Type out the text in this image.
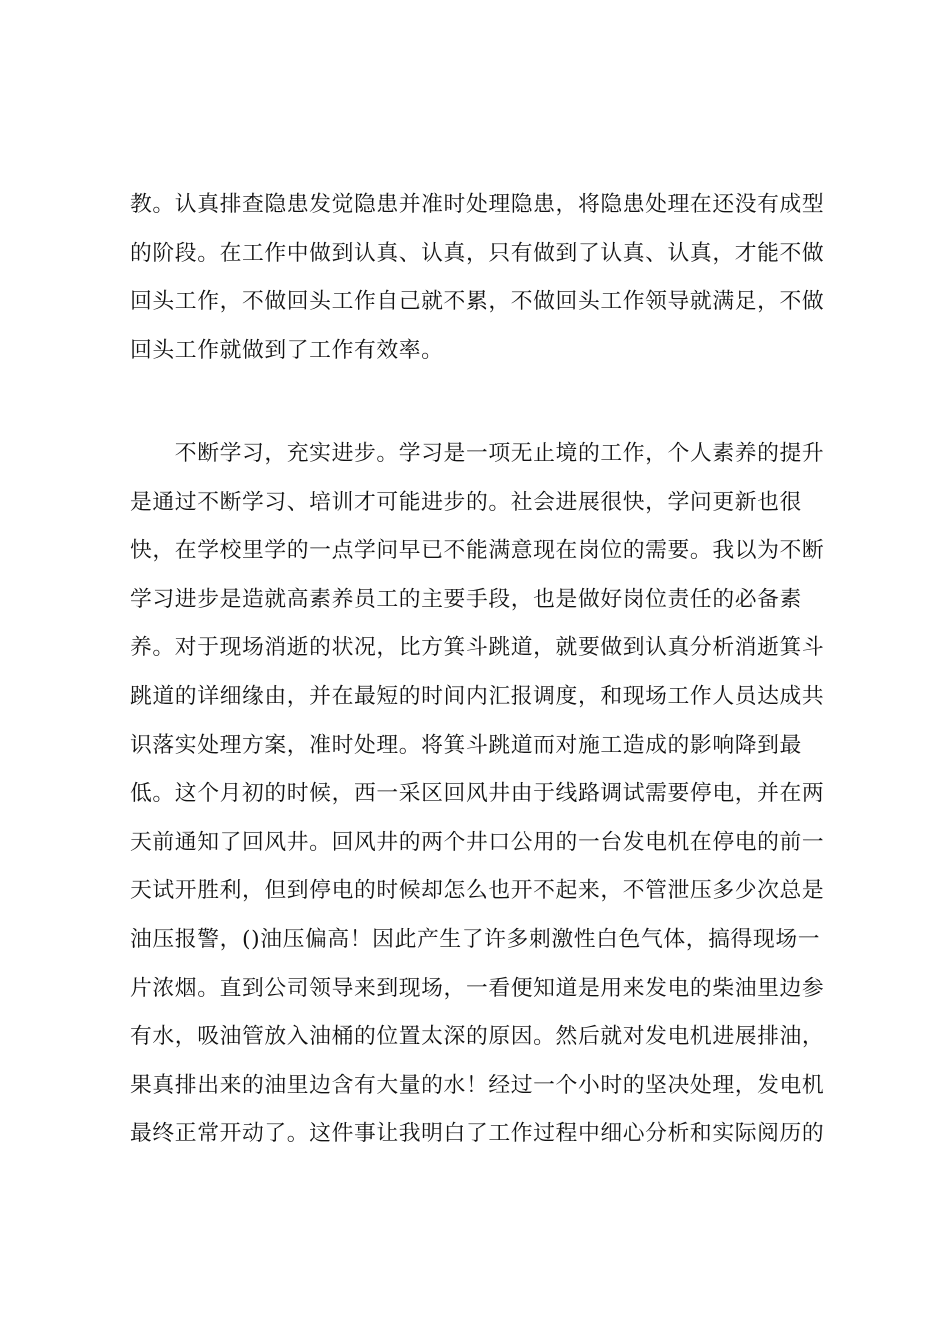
教。认真排查隐患发觉隐患并准时处理隐患，将隐患处理在还没有成型
的阶段。在工作中做到认真、认真，只有做到了认真、认真，才能不做
回头工作，不做回头工作自己就不累，不做回头工作领导就满足，不做
回头工作就做到了工作有效率。
　　不断学习，充实进步。学习是一项无止境的工作，个人素养的提升
是通过不断学习、培训才可能进步的。社会进展很快，学问更新也很
快，在学校里学的一点学问早已不能满意现在岗位的需要。我以为不断
学习进步是造就高素养员工的主要手段，也是做好岗位责任的必备素
养。对于现场消逝的状况，比方箕斗跳道，就要做到认真分析消逝箕斗
跳道的详细缘由，并在最短的时间内汇报调度，和现场工作人员达成共
识落实处理方案，准时处理。将箕斗跳道而对施工造成的影响降到最
低。这个月初的时候，西一采区回风井由于线路调试需要停电，并在两
天前通知了回风井。回风井的两个井口公用的一台发电机在停电的前一
天试开胜利，但到停电的时候却怎么也开不起来，不管泄压多少次总是
油压报警，()油压偏高！因此产生了许多刺激性白色气体，搞得现场一
片浓烟。直到公司领导来到现场，一看便知道是用来发电的柴油里边参
有水，吸油管放入油桶的位置太深的原因。然后就对发电机进展排油，
果真排出来的油里边含有大量的水！经过一个小时的坚决处理，发电机
最终正常开动了。这件事让我明白了工作过程中细心分析和实际阅历的
